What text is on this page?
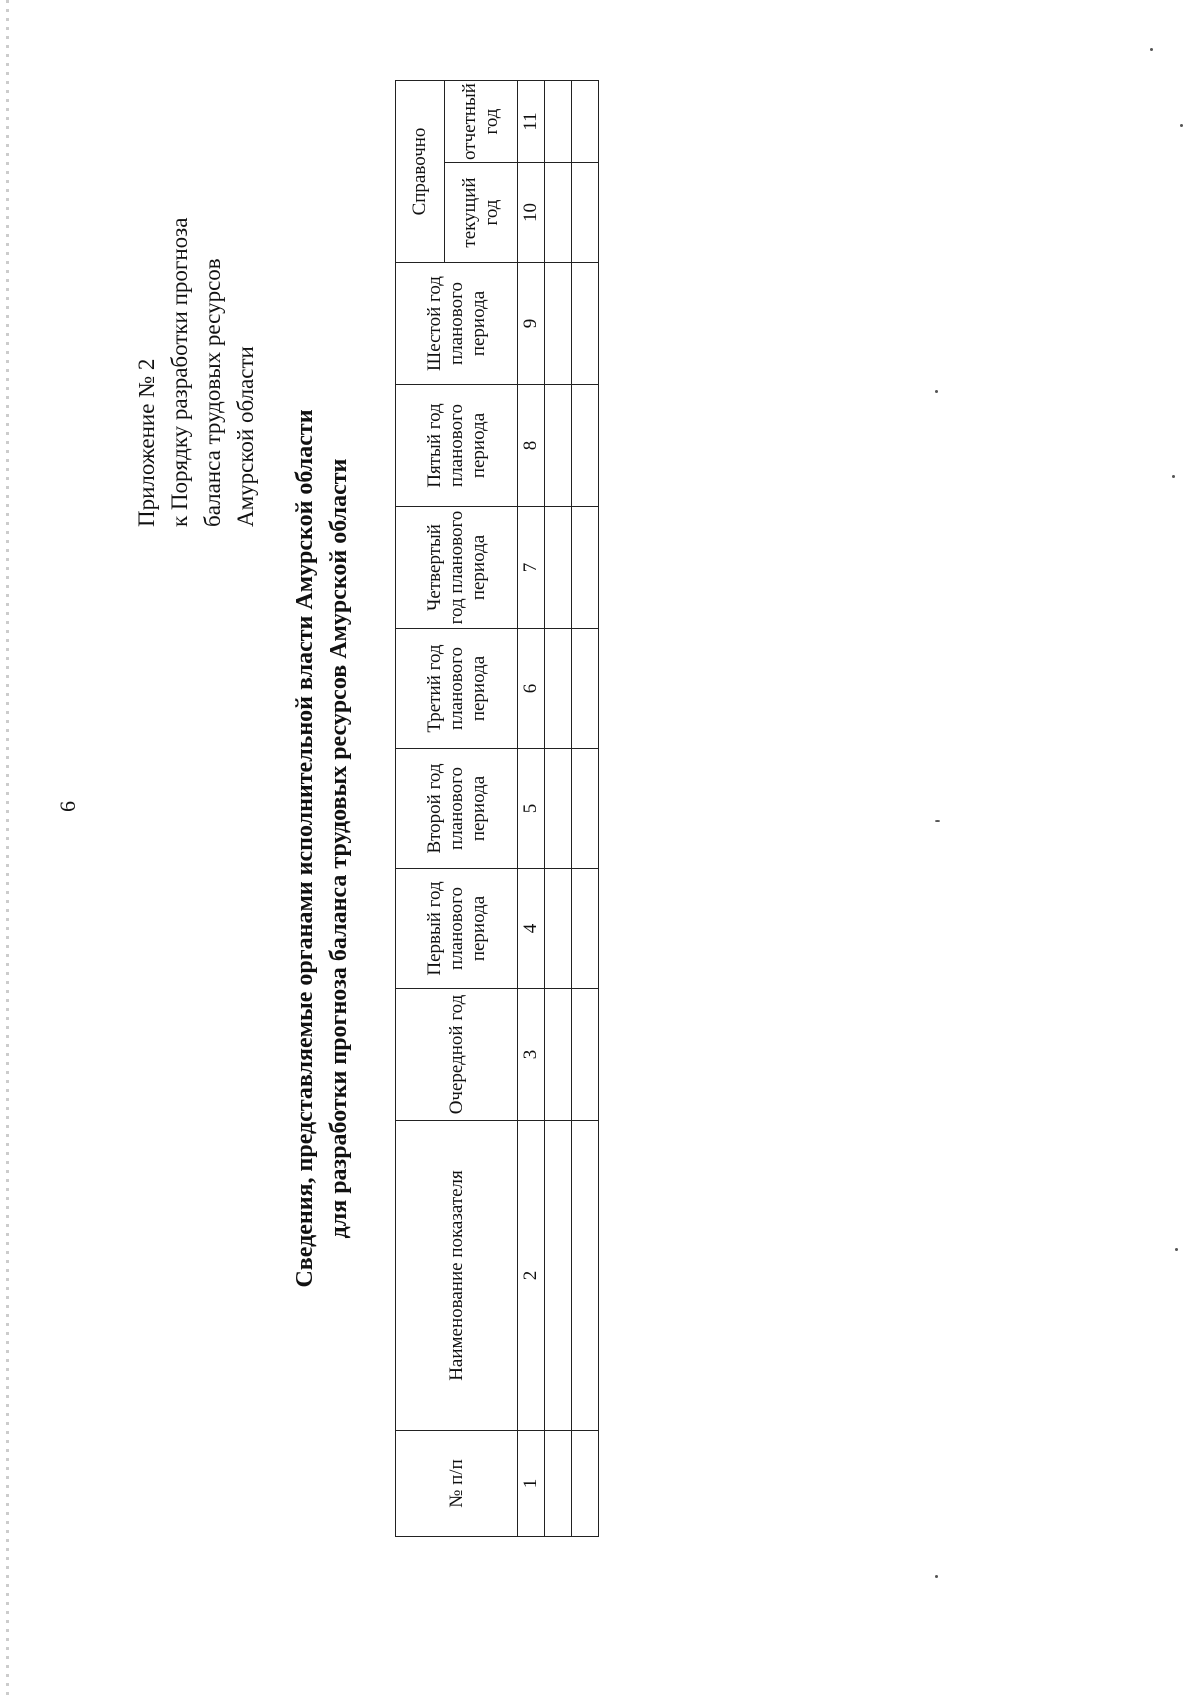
6
Приложение № 2 к Порядку разработки прогноза баланса трудовых ресурсов Амурской области Сведения, представляемые органами исполнительной власти Амурской области для разработки прогноза баланса трудовых ресурсов Амурской области
№ п/п	Наименование показателя	Очередной год	Первый год планового периода	Второй год планового периода	Третий год планового периода	Четвертый год планового периода	Пятый год планового периода	Шестой год планового периода	Справочно	
									текущий год	отчетный год
1	2	3	4	5	6	7	8	9	10	11
